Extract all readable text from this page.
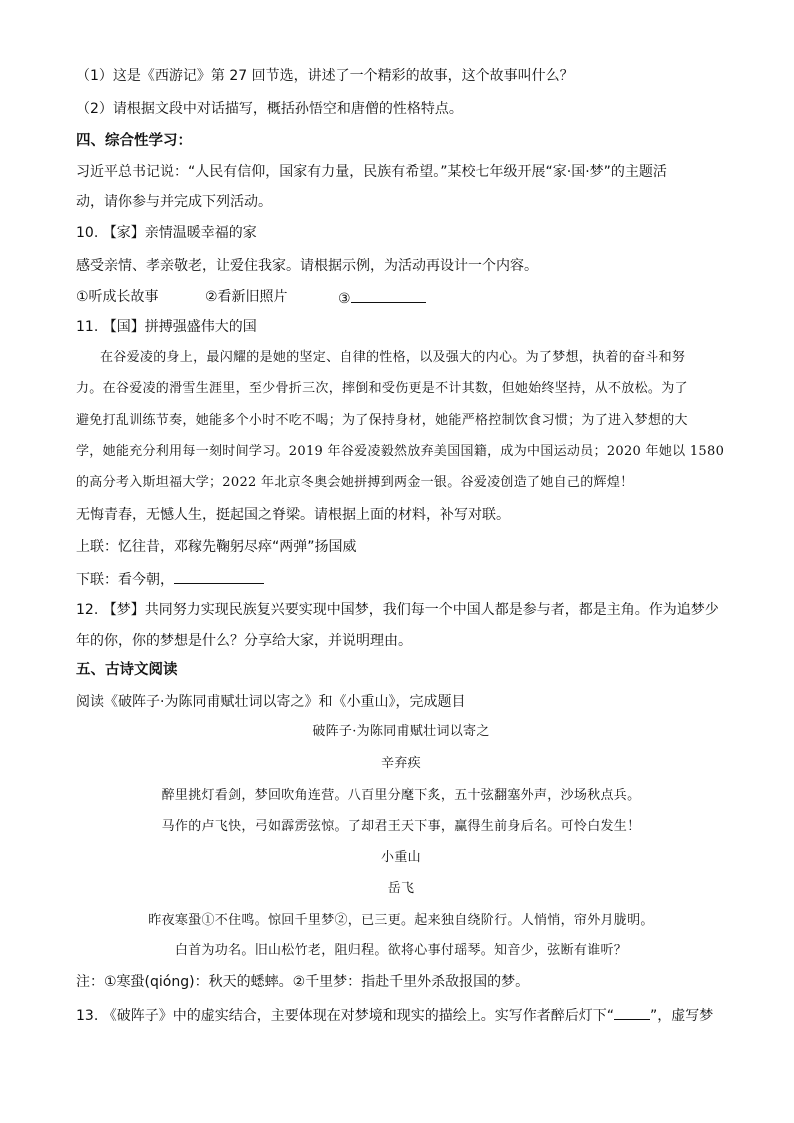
（1）这是《西游记》第 27 回节选，讲述了一个精彩的故事，这个故事叫什么？
（2）请根据文段中对话描写，概括孙悟空和唐僧的性格特点。
四、综合性学习：
习近平总书记说：“人民有信仰，国家有力量，民族有希望。”某校七年级开展“家·国·梦”的主题活
动，请你参与并完成下列活动。
10. 【家】亲情温暖幸福的家
感受亲情、孝亲敬老，让爱住我家。请根据示例，为活动再设计一个内容。
①听成长故事	②看新旧照片	③
11. 【国】拼搏强盛伟大的国
在谷爱凌的身上，最闪耀的是她的坚定、自律的性格，以及强大的内心。为了梦想，执着的奋斗和努
力。在谷爱凌的滑雪生涯里，至少骨折三次，摔倒和受伤更是不计其数，但她始终坚持，从不放松。为了
避免打乱训练节奏，她能多个小时不吃不喝；为了保持身材，她能严格控制饮食习惯；为了进入梦想的大
学，她能充分利用每一刻时间学习。2019 年谷爱凌毅然放弃美国国籍，成为中国运动员；2020 年她以 1580
的高分考入斯坦福大学；2022 年北京冬奥会她拼搏到两金一银。谷爱凌创造了她自己的辉煌！
无悔青春，无憾人生，挺起国之脊梁。请根据上面的材料，补写对联。
上联：忆往昔，邓稼先鞠躬尽瘁“两弹”扬国威
下联：看今朝，
12. 【梦】共同努力实现民族复兴要实现中国梦，我们每一个中国人都是参与者，都是主角。作为追梦少
年的你，你的梦想是什么？分享给大家，并说明理由。
五、古诗文阅读
阅读《破阵子·为陈同甫赋壮词以寄之》和《小重山》，完成题目
破阵子·为陈同甫赋壮词以寄之
辛弃疾
醉里挑灯看剑，梦回吹角连营。八百里分麾下炙，五十弦翻塞外声，沙场秋点兵。
马作的卢飞快，弓如霹雳弦惊。了却君王天下事，赢得生前身后名。可怜白发生！
小重山
岳飞
昨夜寒蛩①不住鸣。惊回千里梦②，已三更。起来独自绕阶行。人悄悄，帘外月胧明。
白首为功名。旧山松竹老，阻归程。欲将心事付瑶琴。知音少，弦断有谁听？
注：①寒蛩(qióng)：秋天的蟋蟀。②千里梦：指赴千里外杀敌报国的梦。
13. 《破阵子》中的虚实结合，主要体现在对梦境和现实的描绘上。实写作者醉后灯下“	”，虚写梦
